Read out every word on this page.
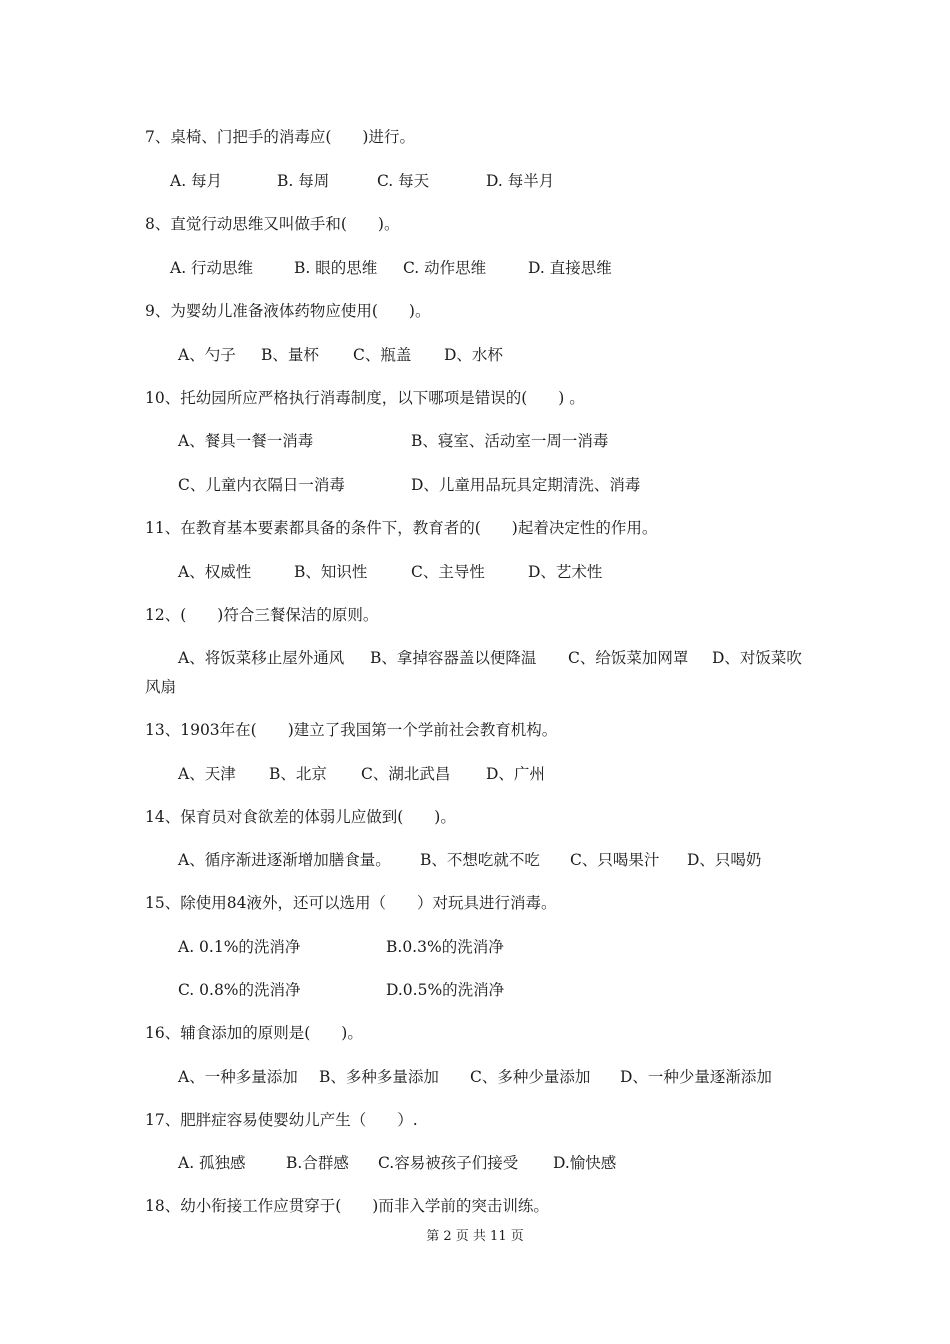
7、桌椅、门把手的消毒应(　　)进行。
A. 每月	B. 每周	C. 每天	D. 每半月
8、直觉行动思维又叫做手和(　　)。
A. 行动思维	B. 眼的思维 C. 动作思维	D. 直接思维
9、为婴幼儿准备液体药物应使用(　　)。
A、勺子 B、量杯 C、瓶盖 D、水杯
10、托幼园所应严格执行消毒制度，以下哪项是错误的(　　) 。
A、餐具一餐一消毒	B、寝室、活动室一周一消毒
C、儿童内衣隔日一消毒	D、儿童用品玩具定期清洗、消毒
11、在教育基本要素都具备的条件下，教育者的(　　)起着决定性的作用。
A、权威性	B、知识性	C、主导性	D、艺术性
12、(　　)符合三餐保洁的原则。
A、将饭菜移止屋外通风 B、拿掉容器盖以便降温 C、给饭菜加网罩 D、对饭菜吹
风扇
13、1903年在(　　)建立了我国第一个学前社会教育机构。
A、天津 B、北京 C、湖北武昌 D、广州
14、保育员对食欲差的体弱儿应做到(　　)。
A、循序渐进逐渐增加膳食量。 B、不想吃就不吃 C、只喝果汁 D、只喝奶
15、除使用84液外，还可以选用（　　）对玩具进行消毒。
A. 0.1%的洗消净	B.0.3%的洗消净
C. 0.8%的洗消净	D.0.5%的洗消净
16、辅食添加的原则是(　　)。
A、一种多量添加 B、多种多量添加 C、多种少量添加 D、一种少量逐渐添加
17、肥胖症容易使婴幼儿产生（　　）.
A. 孤独感	B.合群感 C.容易被孩子们接受 D.愉快感
18、幼小衔接工作应贯穿于(　　)而非入学前的突击训练。
第 2 页 共 11 页
